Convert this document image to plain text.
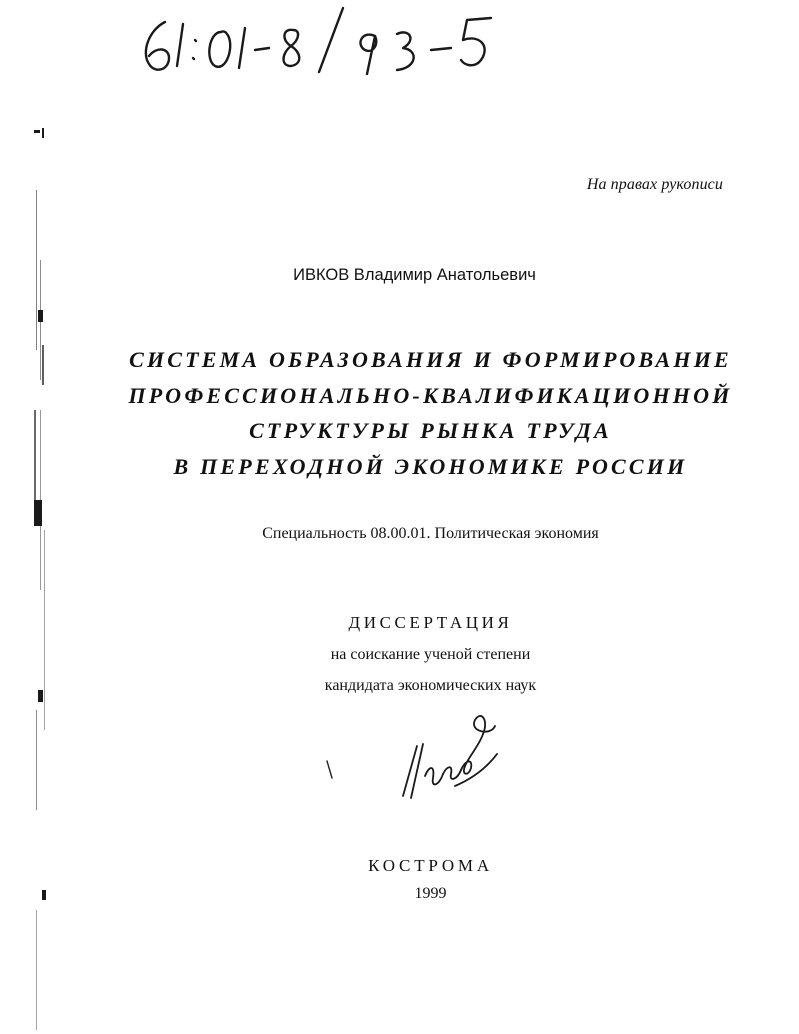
На правах рукописи
ИВКОВ Владимир Анатольевич
СИСТЕМА ОБРАЗОВАНИЯ И ФОРМИРОВАНИЕ
ПРОФЕССИОНАЛЬНО-КВАЛИФИКАЦИОННОЙ
СТРУКТУРЫ РЫНКА ТРУДА
В ПЕРЕХОДНОЙ ЭКОНОМИКЕ РОССИИ
Специальность 08.00.01. Политическая экономия
ДИССЕРТАЦИЯ
на соискание ученой степени
кандидата экономических наук
КОСТРОМА
1999
